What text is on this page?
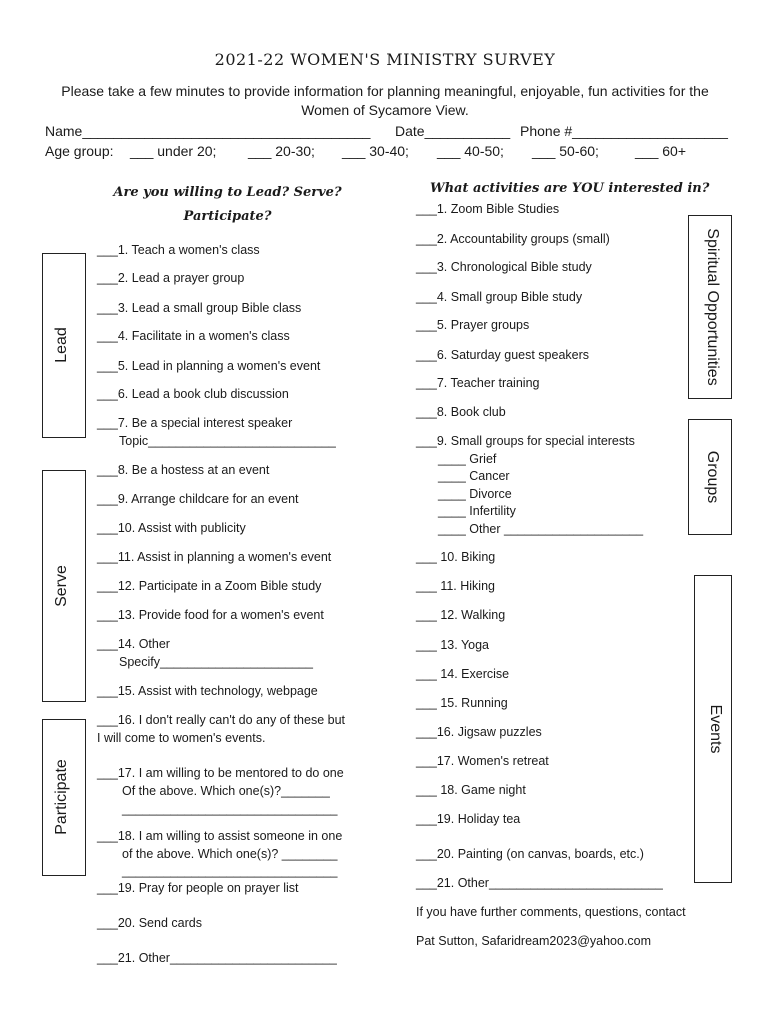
2021-22 WOMEN'S MINISTRY SURVEY
Please take a few minutes to provide information for planning meaningful, enjoyable, fun activities for the Women of Sycamore View.
Name_____________________________________ Date___________ Phone #____________________
Age group: ___ under 20; ___ 20-30; ___ 30-40; ___ 40-50; ___ 50-60;	___ 60+
Are you willing to Lead? Serve?
Participate?
Lead
Serve
Participate
___1. Teach a women's class
___2. Lead a prayer group
___3. Lead a small group Bible class
___4. Facilitate in a women's class
___5. Lead in planning a women's event
___6. Lead a book club discussion
___7. Be a special interest speaker
Topic___________________________
___8. Be a hostess at an event
___9. Arrange childcare for an event
___10. Assist with publicity
___11. Assist in planning a women's event
___12. Participate in a Zoom Bible study
___13. Provide food for a women's event
___14. Other
Specify______________________
___15. Assist with technology, webpage
___16. I don't really can't do any of these but
I will come to women's events.
___17. I am willing to be mentored to do one
Of the above. Which one(s)?_______
_______________________________
___18. I am willing to assist someone in one
of the above. Which one(s)? ________
_______________________________
___19. Pray for people on prayer list
___20. Send cards
___21. Other________________________
What activities are YOU interested in?
Spiritual Opportunities
Groups
Events
___1. Zoom Bible Studies
___2. Accountability groups (small)
___3. Chronological Bible study
___4. Small group Bible study
___5. Prayer groups
___6. Saturday guest speakers
___7. Teacher training
___8. Book club
___9. Small groups for special interests
____ Grief
____ Cancer
____ Divorce
____ Infertility
____ Other ____________________
___ 10. Biking
___ 11. Hiking
___ 12. Walking
___ 13. Yoga
___ 14. Exercise
___ 15. Running
___16. Jigsaw puzzles
___17. Women's retreat
___ 18. Game night
___19. Holiday tea
___20. Painting (on canvas, boards, etc.)
___21. Other_________________________
If you have further comments, questions, contact
Pat Sutton, Safaridream2023@yahoo.com
